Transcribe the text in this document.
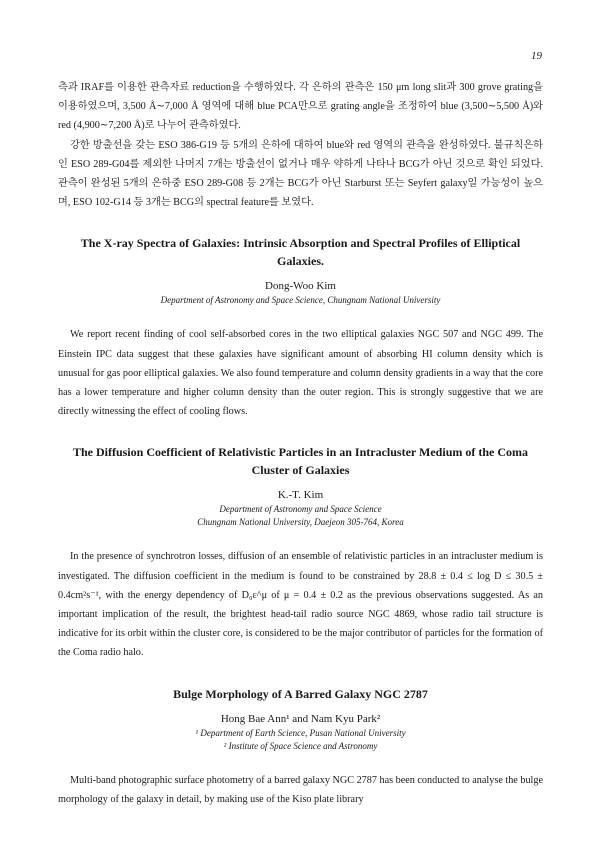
19

측과 IRAF를 이용한 관측자료 reduction을 수행하였다. 각 은하의 관측은 150 μm long slit과 300 grove grating을 이용하였으며, 3,500 Å∼7,000 Å 영역에 대해 blue PCA만으로 grating angle을 조정하여 blue (3,500∼5,500 Å)와 red (4,900∼7,200 Å)로 나누어 관측하였다.

강한 방출선을 갖는 ESO 386-G19 등 5개의 은하에 대하여 blue와 red 영역의 관측을 완성하였다. 불규칙은하인 ESO 289-G04를 제외한 나머지 7개는 방출선이 없거나 매우 약하게 나타나 BCG가 아닌 것으로 확인 되었다. 관측이 완성된 5개의 은하중 ESO 289-G08 등 2개는 BCG가 아닌 Starburst 또는 Seyfert galaxy일 가능성이 높으며, ESO 102-G14 등 3개는 BCG의 spectral feature를 보였다.

The X-ray Spectra of Galaxies: Intrinsic Absorption and Spectral Profiles of Elliptical Galaxies.
Dong-Woo Kim
Department of Astronomy and Space Science, Chungnam National University

We report recent finding of cool self-absorbed cores in the two elliptical galaxies NGC 507 and NGC 499. The Einstein IPC data suggest that these galaxies have significant amount of absorbing HI column density which is unusual for gas poor elliptical galaxies. We also found temperature and column density gradients in a way that the core has a lower temperature and higher column density than the outer region. This is strongly suggestive that we are directly witnessing the effect of cooling flows.

The Diffusion Coefficient of Relativistic Particles in an Intracluster Medium of the Coma Cluster of Galaxies
K.-T. Kim
Department of Astronomy and Space Science
Chungnam National University, Daejeon 305-764, Korea

In the presence of synchrotron losses, diffusion of an ensemble of relativistic particles in an intracluster medium is investigated. The diffusion coefficient in the medium is found to be constrained by 28.8 ± 0.4 ≤ log D ≤ 30.5 ± 0.4cm²s⁻¹, with the energy dependency of D₀ε^μ of μ = 0.4 ± 0.2 as the previous observations suggested. As an important implication of the result, the brightest head-tail radio source NGC 4869, whose radio tail structure is indicative for its orbit within the cluster core, is considered to be the major contributor of particles for the formation of the Coma radio halo.

Bulge Morphology of A Barred Galaxy NGC 2787
Hong Bae Ann¹ and Nam Kyu Park²
¹ Department of Earth Science, Pusan National University
² Institute of Space Science and Astronomy

Multi-band photographic surface photometry of a barred galaxy NGC 2787 has been conducted to analyse the bulge morphology of the galaxy in detail, by making use of the Kiso plate library
